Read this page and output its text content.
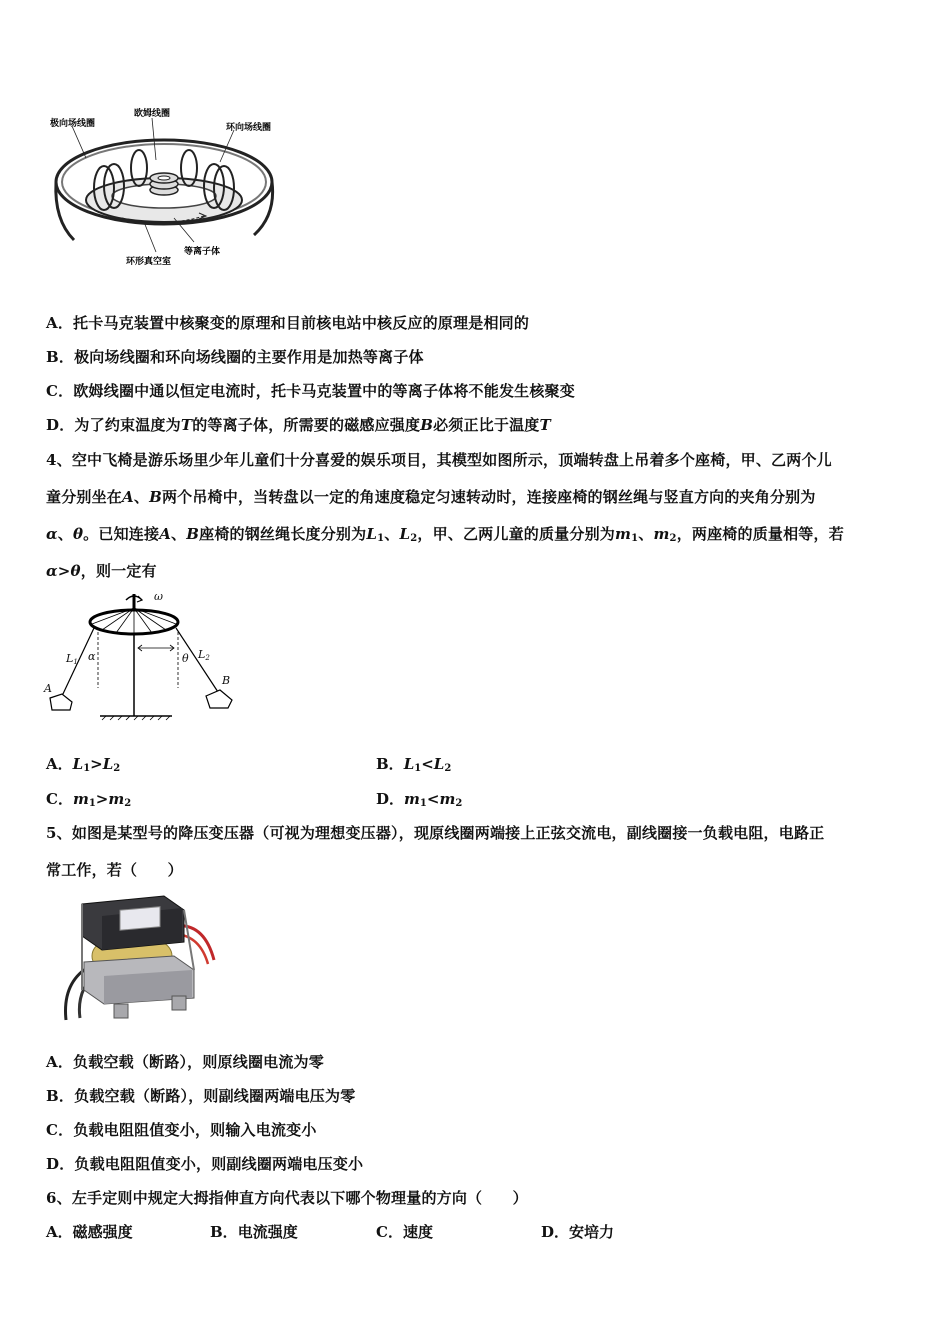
极向场线圈
欧姆线圈
环向场线圈
等离子体
环形真空室
A．托卡马克装置中核聚变的原理和目前核电站中核反应的原理是相同的
B．极向场线圈和环向场线圈的主要作用是加热等离子体
C．欧姆线圈中通以恒定电流时，托卡马克装置中的等离子体将不能发生核聚变
D．为了约束温度为T的等离子体，所需要的磁感应强度B必须正比于温度T
4、空中飞椅是游乐场里少年儿童们十分喜爱的娱乐项目，其模型如图所示，顶端转盘上吊着多个座椅，甲、乙两个儿
童分别坐在A、B两个吊椅中，当转盘以一定的角速度稳定匀速转动时，连接座椅的钢丝绳与竖直方向的夹角分别为
α、θ。已知连接A、B座椅的钢丝绳长度分别为$L_1$、$L_2$，甲、乙两儿童的质量分别为$m_1$、$m_2$，两座椅的质量相等，若
α>θ，则一定有
ω
$L_1$ α	θ $L_2$
A
B
A．$L_1>L_2$	B．$L_1<L_2$
C．$m_1>m_2$	D．$m_1<m_2$
5、如图是某型号的降压变压器（可视为理想变压器），现原线圈两端接上正弦交流电，副线圈接一负载电阻，电路正
常工作，若（　　）
A．负载空载（断路），则原线圈电流为零
B．负载空载（断路），则副线圈两端电压为零
C．负载电阻阻值变小，则输入电流变小
D．负载电阻阻值变小，则副线圈两端电压变小
6、左手定则中规定大拇指伸直方向代表以下哪个物理量的方向（　　）
A．磁感强度	B．电流强度	C．速度	D．安培力
